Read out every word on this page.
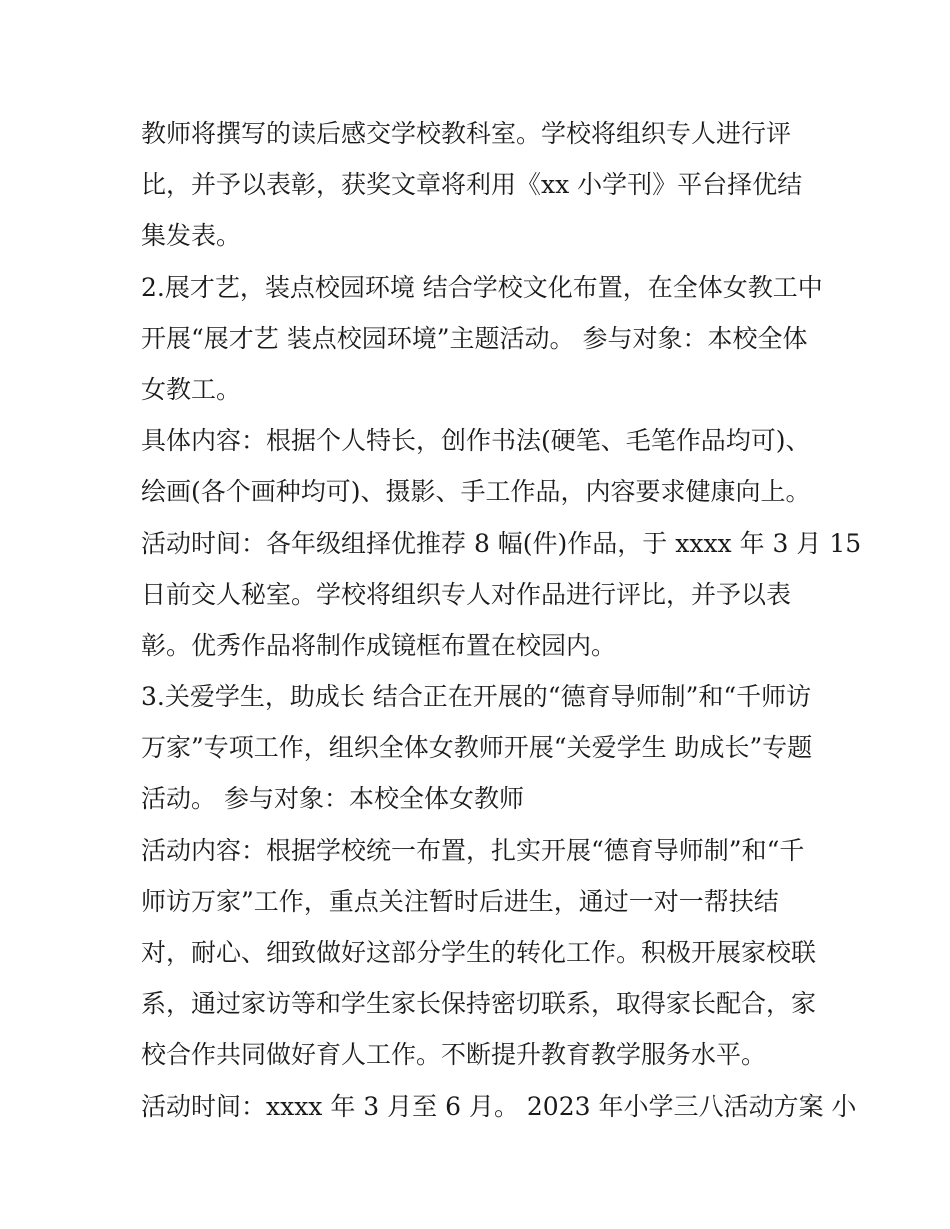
教师将撰写的读后感交学校教科室。学校将组织专人进行评
比，并予以表彰，获奖文章将利用《xx 小学刊》平台择优结
集发表。
2.展才艺，装点校园环境 结合学校文化布置，在全体女教工中
开展“展才艺 装点校园环境”主题活动。 参与对象：本校全体
女教工。
具体内容：根据个人特长，创作书法(硬笔、毛笔作品均可)、
绘画(各个画种均可)、摄影、手工作品，内容要求健康向上。
活动时间：各年级组择优推荐 8 幅(件)作品，于 xxxx 年 3 月 15
日前交人秘室。学校将组织专人对作品进行评比，并予以表
彰。优秀作品将制作成镜框布置在校园内。
3.关爱学生，助成长 结合正在开展的“德育导师制”和“千师访
万家”专项工作，组织全体女教师开展“关爱学生 助成长”专题
活动。 参与对象：本校全体女教师
活动内容：根据学校统一布置，扎实开展“德育导师制”和“千
师访万家”工作，重点关注暂时后进生，通过一对一帮扶结
对，耐心、细致做好这部分学生的转化工作。积极开展家校联
系，通过家访等和学生家长保持密切联系，取得家长配合，家
校合作共同做好育人工作。不断提升教育教学服务水平。
活动时间：xxxx 年 3 月至 6 月。 2023 年小学三八活动方案 小
